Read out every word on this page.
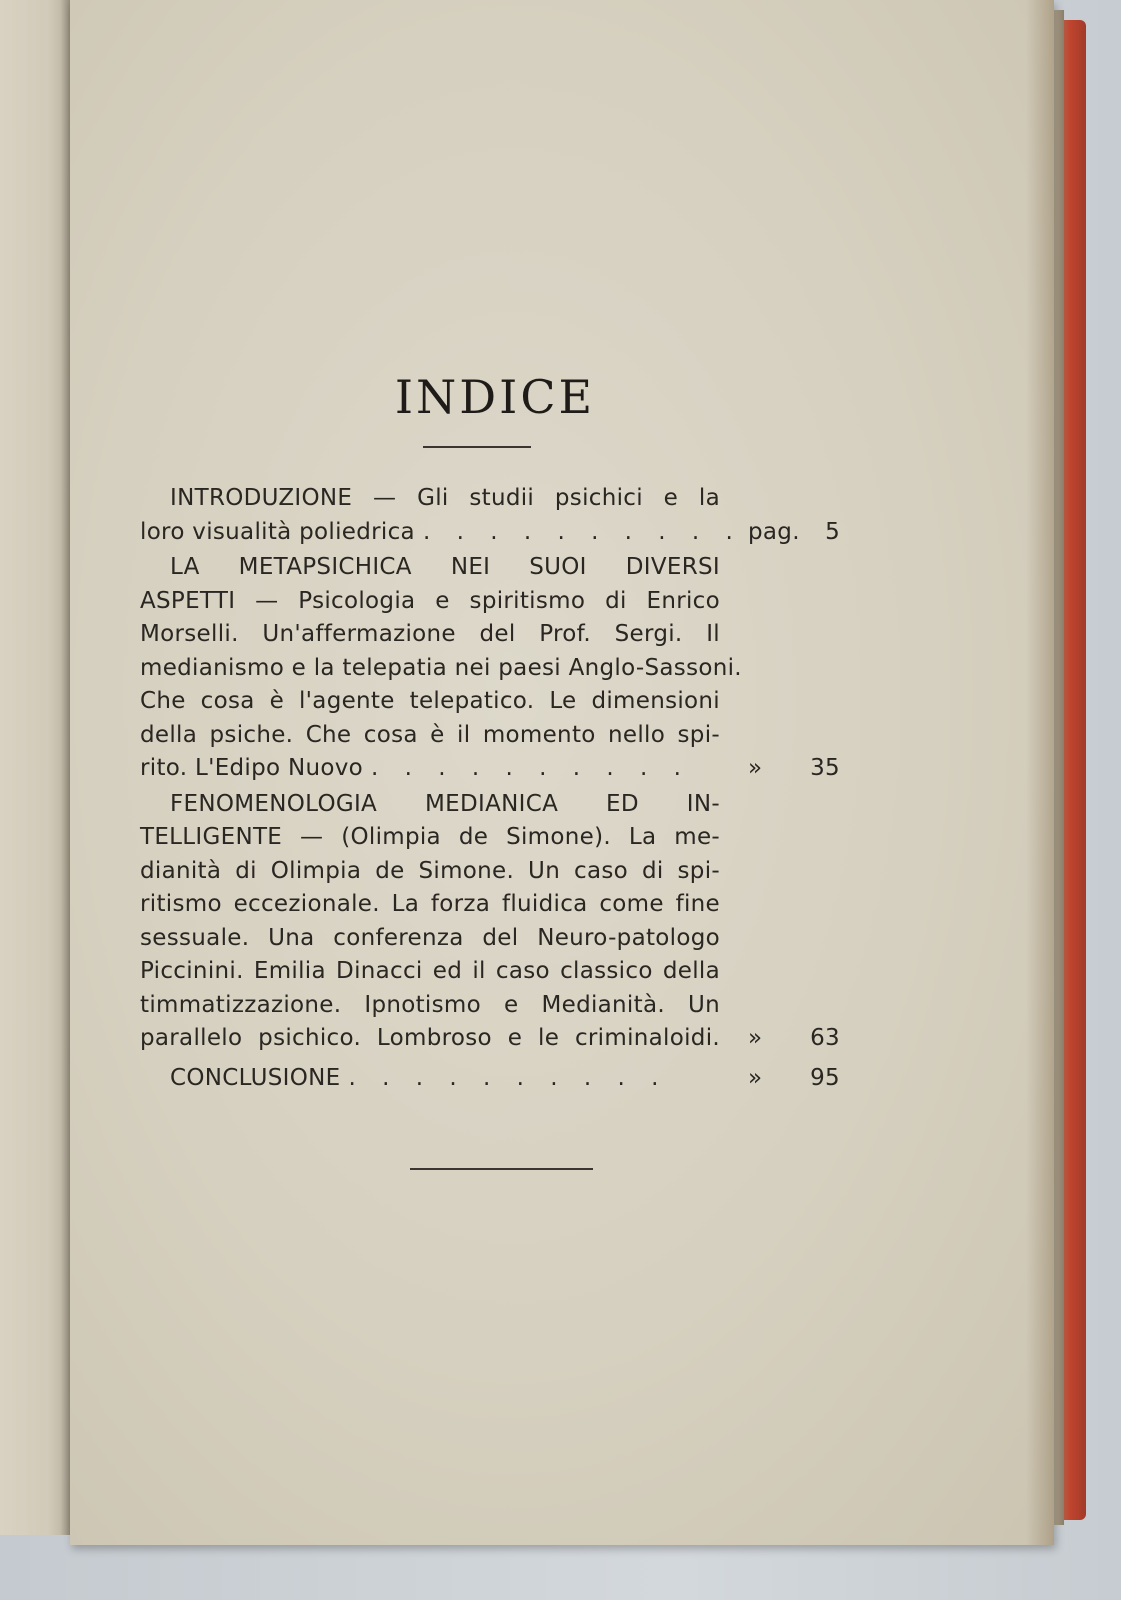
INDICE
INTRODUZIONE — Gli studii psichici e la
loro visualità poliedrica . . . . . . . . . . pag. 5
LA METAPSICHICA NEI SUOI DIVERSI
ASPETTI — Psicologia e spiritismo di Enrico
Morselli. Un'affermazione del Prof. Sergi. Il
medianismo e la telepatia nei paesi Anglo-Sassoni.
Che cosa è l'agente telepatico. Le dimensioni
della psiche. Che cosa è il momento nello spi-
rito. L'Edipo Nuovo . . . . . . . . . .	» 35
FENOMENOLOGIA MEDIANICA ED IN-
TELLIGENTE — (Olimpia de Simone). La me-
dianità di Olimpia de Simone. Un caso di spi-
ritismo eccezionale. La forza fluidica come fine
sessuale. Una conferenza del Neuro-patologo
Piccinini. Emilia Dinacci ed il caso classico della
timmatizzazione. Ipnotismo e Medianità. Un
parallelo psichico. Lombroso e le criminaloidi.	» 63
CONCLUSIONE . . . . . . . . . .	» 95
